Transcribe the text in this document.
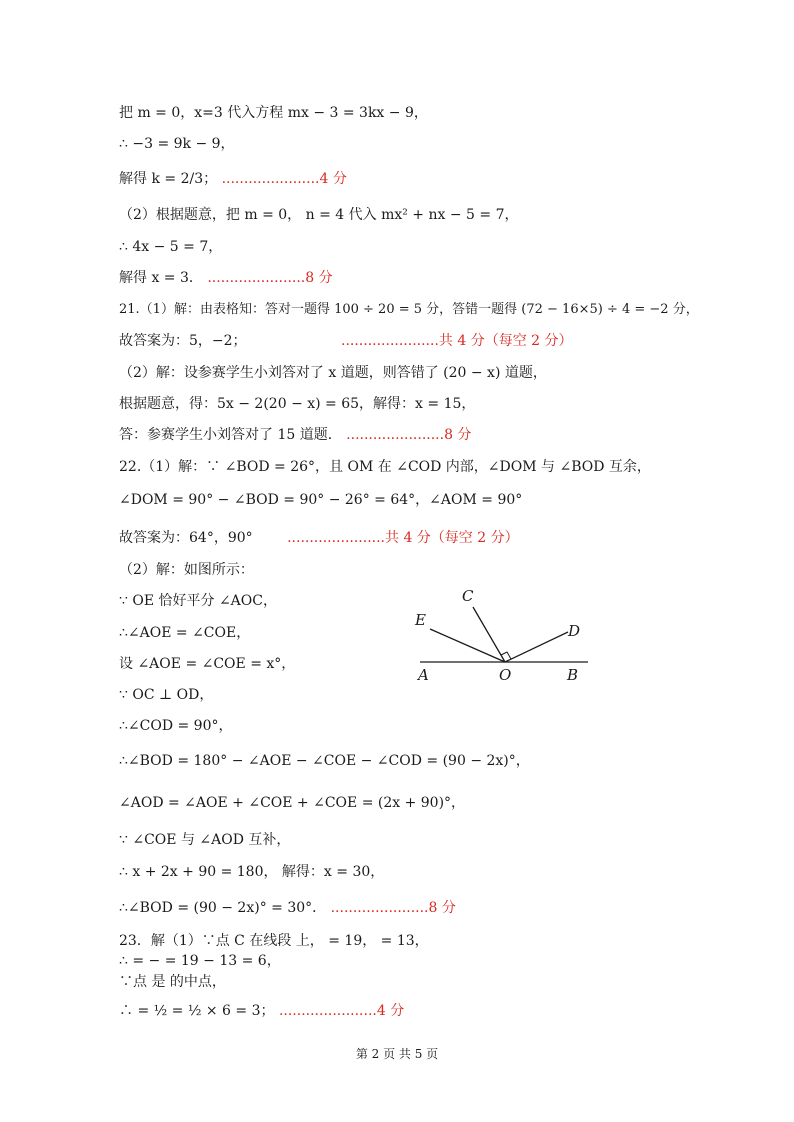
把 m = 0，x=3 代入方程 mx − 3 = 3kx − 9，
∴ −3 = 9k − 9，
解得 k = 2/3； ......................4 分
（2）根据题意，把 m = 0， n = 4 代入 mx² + nx − 5 = 7，
∴ 4x − 5 = 7，
解得 x = 3． ......................8 分
21.（1）解：由表格知：答对一题得 100 ÷ 20 = 5 分，答错一题得 (72 − 16×5) ÷ 4 = −2 分，
故答案为：5，−2；	......................共 4 分（每空 2 分）
（2）解：设参赛学生小刘答对了 x 道题，则答错了 (20 − x) 道题，
根据题意，得：5x − 2(20 − x) = 65，解得：x = 15，
答：参赛学生小刘答对了 15 道题． ......................8 分
22.（1）解：∵ ∠BOD = 26°，且 OM 在 ∠COD 内部，∠DOM 与 ∠BOD 互余，
∠DOM = 90° − ∠BOD = 90° − 26° = 64°，∠AOM = 90°
故答案为：64°，90° ......................共 4 分（每空 2 分）
（2）解：如图所示：
∵ OE 恰好平分 ∠AOC，
∴∠AOE = ∠COE，
设 ∠AOE = ∠COE = x°，
∵ OC ⊥ OD，
∴∠COD = 90°，
∴∠BOD = 180° − ∠AOE − ∠COE − ∠COD = (90 − 2x)°，
∠AOD = ∠AOE + ∠COE + ∠COE = (2x + 90)°，
∵ ∠COE 与 ∠AOD 互补，
∴ x + 2x + 90 = 180， 解得：x = 30，
∴∠BOD = (90 − 2x)° = 30°． ......................8 分
23．解（1）∵点 C 在线段 上， = 19， = 13，
∴ = − = 19 − 13 = 6，
∵点 是 的中点，
∴ = ½ = ½ × 6 = 3； ......................4 分
C
E
D
A	O	B
第 2 页 共 5 页
